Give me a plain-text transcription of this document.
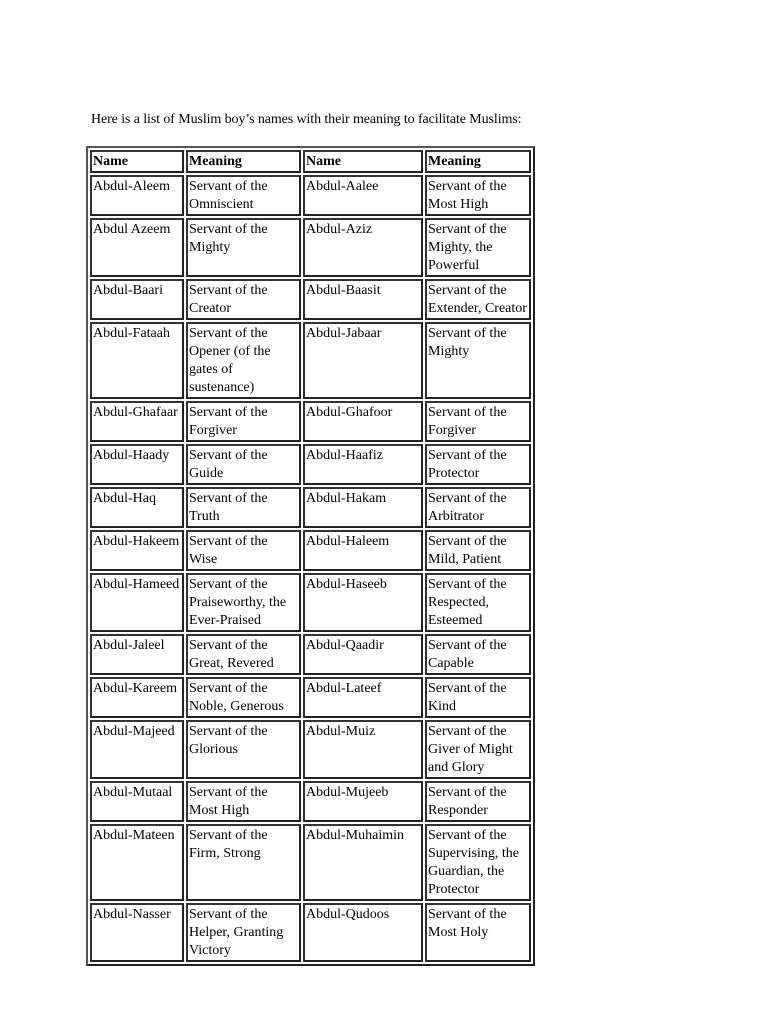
Here is a list of Muslim boy’s names with their meaning to facilitate Muslims:
Name	Meaning	Name	Meaning
Abdul-Aleem	Servant of the Omniscient	Abdul-Aalee	Servant of the Most High
Abdul Azeem	Servant of the Mighty	Abdul-Aziz	Servant of the Mighty, the Powerful
Abdul-Baari	Servant of the Creator	Abdul-Baasit	Servant of the Extender, Creator
Abdul-Fataah	Servant of the Opener (of the gates of sustenance)	Abdul-Jabaar	Servant of the Mighty
Abdul-Ghafaar	Servant of the Forgiver	Abdul-Ghafoor	Servant of the Forgiver
Abdul-Haady	Servant of the Guide	Abdul-Haafiz	Servant of the Protector
Abdul-Haq	Servant of the Truth	Abdul-Hakam	Servant of the Arbitrator
Abdul-Hakeem	Servant of the Wise	Abdul-Haleem	Servant of the Mild, Patient
Abdul-Hameed	Servant of the Praiseworthy, the Ever-Praised	Abdul-Haseeb	Servant of the Respected, Esteemed
Abdul-Jaleel	Servant of the Great, Revered	Abdul-Qaadir	Servant of the Capable
Abdul-Kareem	Servant of the Noble, Generous	Abdul-Lateef	Servant of the Kind
Abdul-Majeed	Servant of the Glorious	Abdul-Muiz	Servant of the Giver of Might and Glory
Abdul-Mutaal	Servant of the Most High	Abdul-Mujeeb	Servant of the Responder
Abdul-Mateen	Servant of the Firm, Strong	Abdul-Muhaimin	Servant of the Supervising, the Guardian, the Protector
Abdul-Nasser	Servant of the Helper, Granting Victory	Abdul-Qudoos	Servant of the Most Holy
